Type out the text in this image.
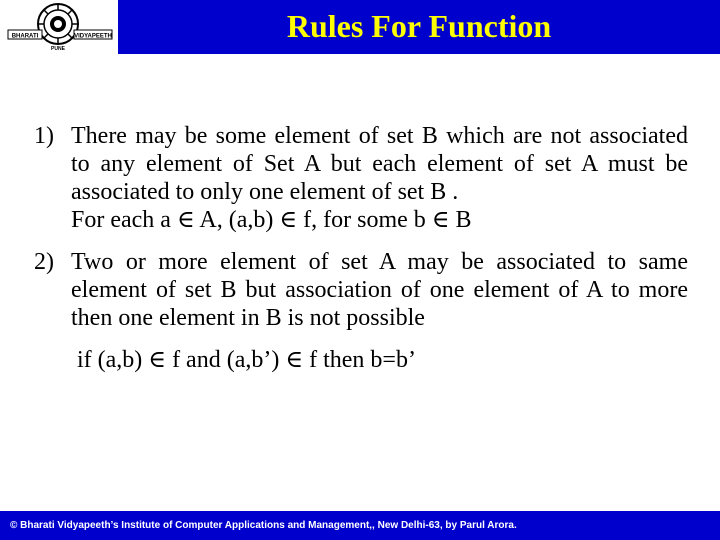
BHARATI	VIDYAPEETH
PUNE
Rules For Function
1) There may be some element of set B which are not associated to any element of Set A but each element of set A must be associated to only one element of set B .
For each a ∈ A, (a,b) ∈ f, for some b ∈ B
2) Two or more element of set A may be associated to same element of set B but association of one element of A to more then one element in B is not possible
if (a,b) ∈ f and (a,b’) ∈ f then b=b’
© Bharati Vidyapeeth’s Institute of Computer Applications and Management,, New Delhi-63, by Parul Arora.
